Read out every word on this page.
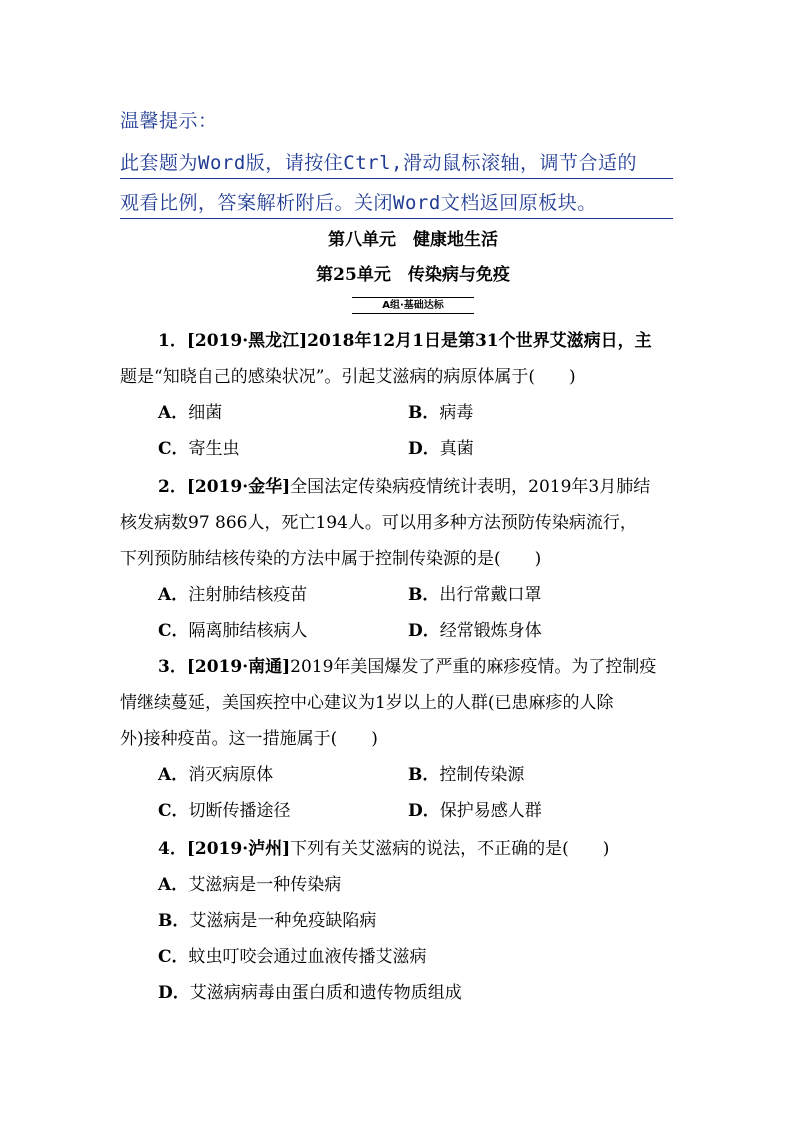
温馨提示：
此套题为Word版，请按住Ctrl,滑动鼠标滚轴，调节合适的
观看比例，答案解析附后。关闭Word文档返回原板块。
第八单元　健康地生活
第25单元　传染病与免疫
A组·基础达标
1．[2019·黑龙江]2018年12月1日是第31个世界艾滋病日，主
题是“知晓自己的感染状况”。引起艾滋病的病原体属于(　　)
A．细菌	B．病毒
C．寄生虫	D．真菌
2．[2019·金华]全国法定传染病疫情统计表明，2019年3月肺结
核发病数97 866人，死亡194人。可以用多种方法预防传染病流行，
下列预防肺结核传染的方法中属于控制传染源的是(　　)
A．注射肺结核疫苗	B．出行常戴口罩
C．隔离肺结核病人	D．经常锻炼身体
3．[2019·南通]2019年美国爆发了严重的麻疹疫情。为了控制疫
情继续蔓延，美国疾控中心建议为1岁以上的人群(已患麻疹的人除
外)接种疫苗。这一措施属于(　　)
A．消灭病原体	B．控制传染源
C．切断传播途径	D．保护易感人群
4．[2019·泸州]下列有关艾滋病的说法，不正确的是(　　)
A．艾滋病是一种传染病
B．艾滋病是一种免疫缺陷病
C．蚊虫叮咬会通过血液传播艾滋病
D．艾滋病病毒由蛋白质和遗传物质组成
